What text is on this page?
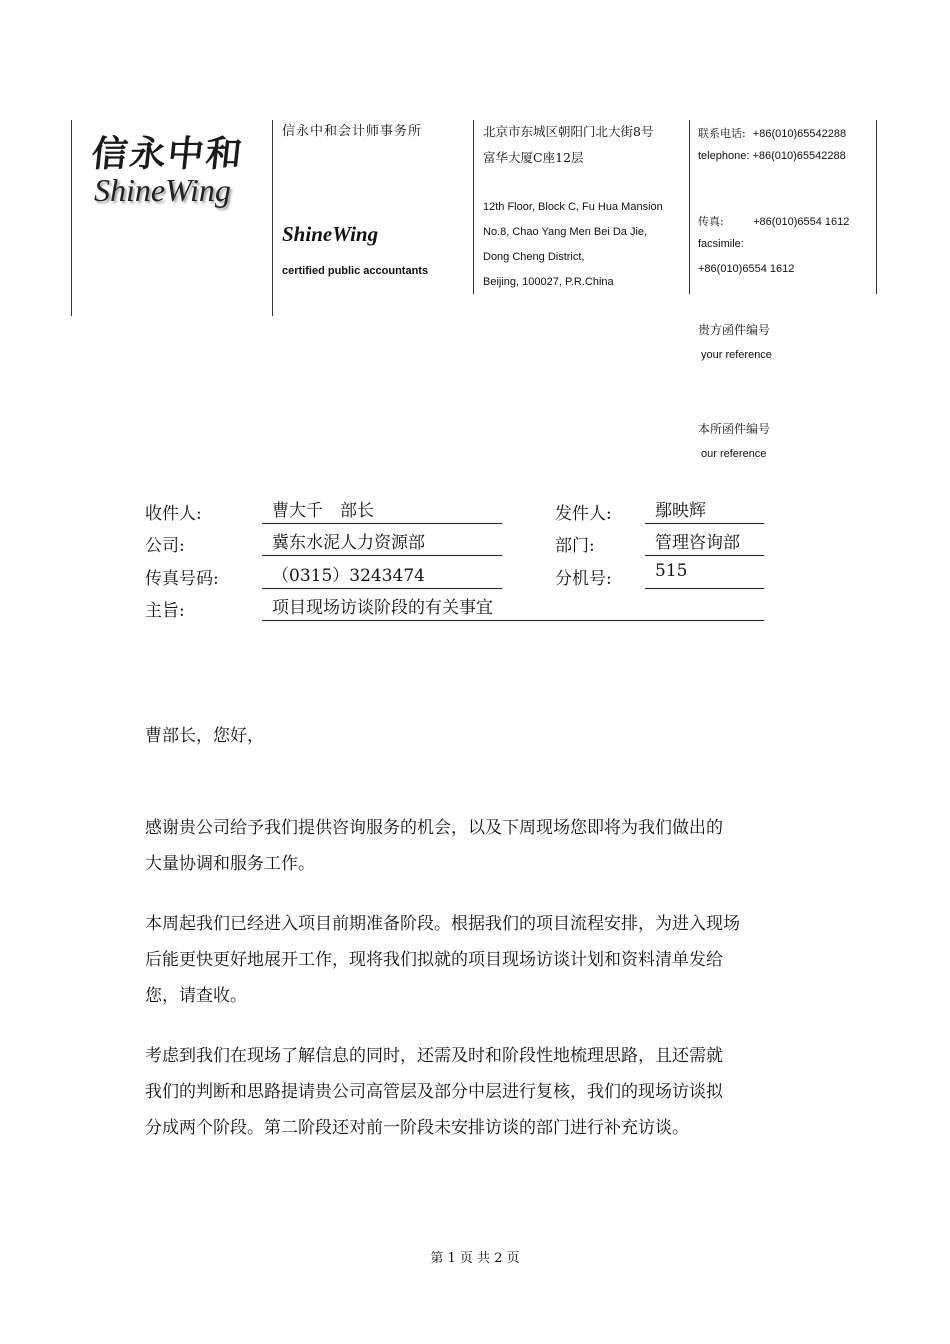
信永中和
ShineWing
信永中和会计师事务所
ShineWing
certified public accountants
北京市东城区朝阳门北大街8号
富华大厦C座12层
12th Floor, Block C, Fu Hua Mansion
No.8, Chao Yang Men Bei Da Jie,
Dong Cheng District,
Beijing, 100027, P.R.China
联系电话: +86(010)65542288
telephone: +86(010)65542288
传真:	+86(010)6554 1612
facsimile:
+86(010)6554 1612
贵方函件编号
your reference
本所函件编号
our reference
收件人:	曹大千　部长	发件人:	鄢映辉
公司:	冀东水泥人力资源部	部门:	管理咨询部
传真号码:	（0315）3243474	分机号:	515
主旨:	项目现场访谈阶段的有关事宜
曹部长，您好，
感谢贵公司给予我们提供咨询服务的机会，以及下周现场您即将为我们做出的
大量协调和服务工作。
本周起我们已经进入项目前期准备阶段。根据我们的项目流程安排，为进入现场
后能更快更好地展开工作，现将我们拟就的项目现场访谈计划和资料清单发给
您，请查收。
考虑到我们在现场了解信息的同时，还需及时和阶段性地梳理思路，且还需就
我们的判断和思路提请贵公司高管层及部分中层进行复核，我们的现场访谈拟
分成两个阶段。第二阶段还对前一阶段未安排访谈的部门进行补充访谈。
第 1 页 共 2 页
